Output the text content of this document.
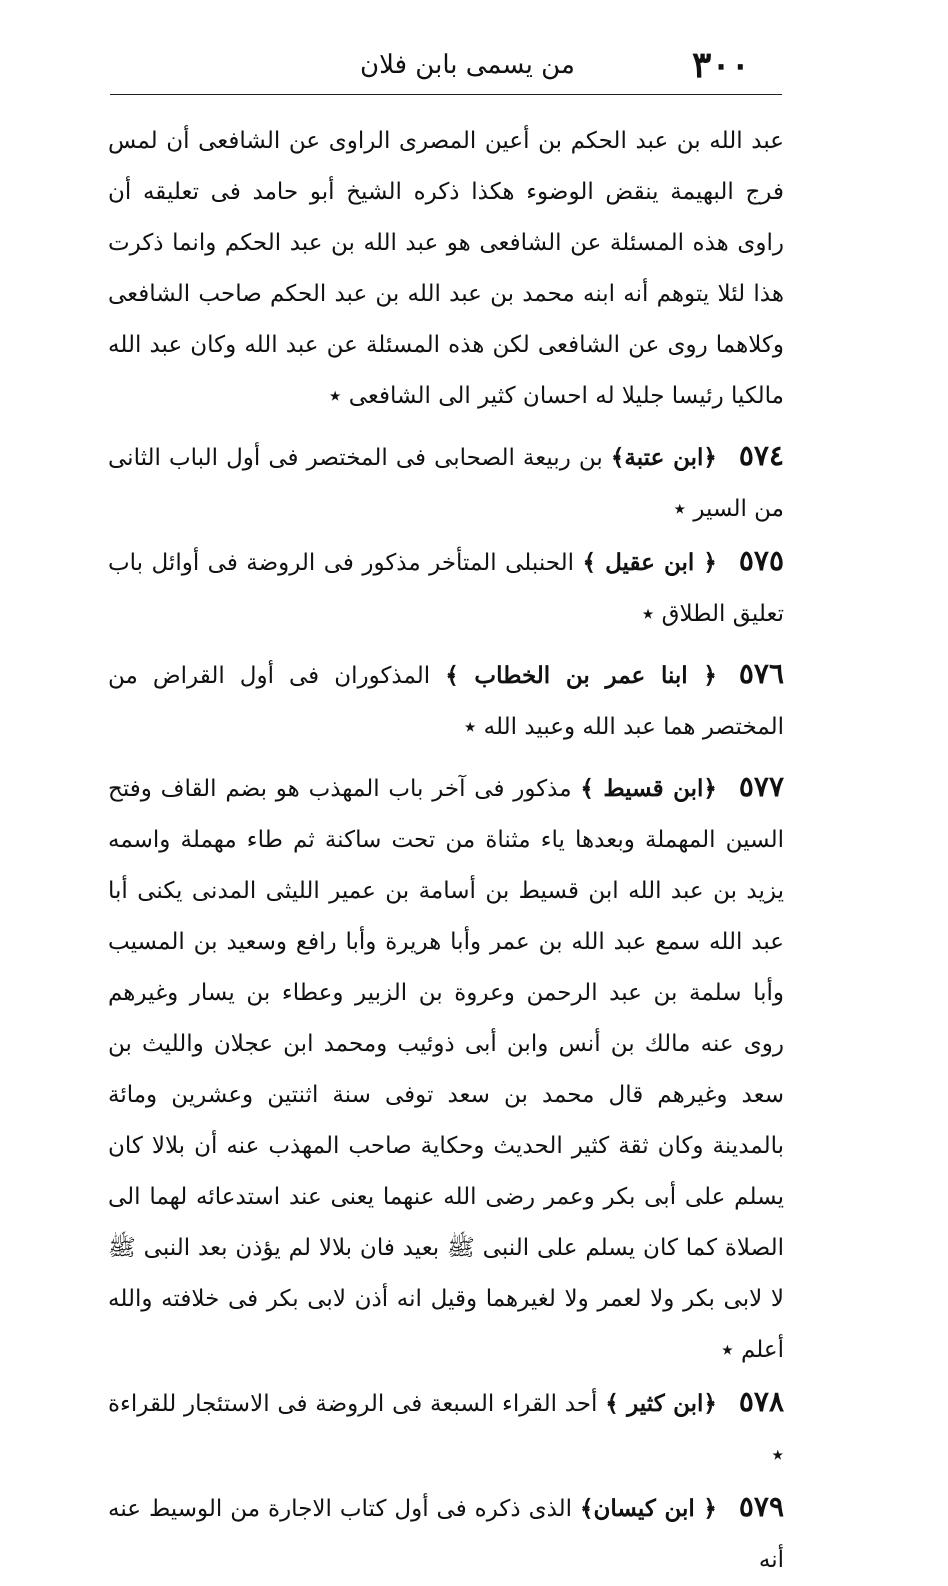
من يسمى بابن فلان	٣٠٠

عبد الله بن عبد الحكم بن أعين المصرى الراوى عن الشافعى أن لمس فرج البهيمة ينقض الوضوء هكذا ذكره الشيخ أبو حامد فى تعليقه أن راوى هذه المسئلة عن الشافعى هو عبد الله بن عبد الحكم وانما ذكرت هذا لئلا يتوهم أنه ابنه محمد بن عبد الله بن عبد الحكم صاحب الشافعى وكلاهما روى عن الشافعى لكن هذه المسئلة عن عبد الله وكان عبد الله مالكيا رئيسا جليلا له احسان كثير الى الشافعى ٭

٥٧٤﴿ابن عتبة﴾ بن ربيعة الصحابى فى المختصر فى أول الباب الثانى من السير ٭

٥٧٥﴿ ابن عقيل ﴾ الحنبلى المتأخر مذكور فى الروضة فى أوائل باب تعليق الطلاق ٭

٥٧٦﴿ ابنا عمر بن الخطاب ﴾ المذكوران فى أول القراض من المختصر هما عبد الله وعبيد الله ٭

٥٧٧﴿ابن قسيط ﴾ مذكور فى آخر باب المهذب هو بضم القاف وفتح السين المهملة وبعدها ياء مثناة من تحت ساكنة ثم طاء مهملة واسمه يزيد بن عبد الله ابن قسيط بن أسامة بن عمير الليثى المدنى يكنى أبا عبد الله سمع عبد الله بن عمر وأبا هريرة وأبا رافع وسعيد بن المسيب وأبا سلمة بن عبد الرحمن وعروة بن الزبير وعطاء بن يسار وغيرهم روى عنه مالك بن أنس وابن أبى ذوئيب ومحمد ابن عجلان والليث بن سعد وغيرهم قال محمد بن سعد توفى سنة اثنتين وعشرين ومائة بالمدينة وكان ثقة كثير الحديث وحكاية صاحب المهذب عنه أن بلالا كان يسلم على أبى بكر وعمر رضى الله عنهما يعنى عند استدعائه لهما الى الصلاة كما كان يسلم على النبى ﷺ بعيد فان بلالا لم يؤذن بعد النبى ﷺ لا لابى بكر ولا لعمر ولا لغيرهما وقيل انه أذن لابى بكر فى خلافته والله أعلم ٭

٥٧٨﴿ابن كثير ﴾ أحد القراء السبعة فى الروضة فى الاستئجار للقراءة ٭

٥٧٩﴿ ابن كيسان﴾ الذى ذكره فى أول كتاب الاجارة من الوسيط عنه أنه
